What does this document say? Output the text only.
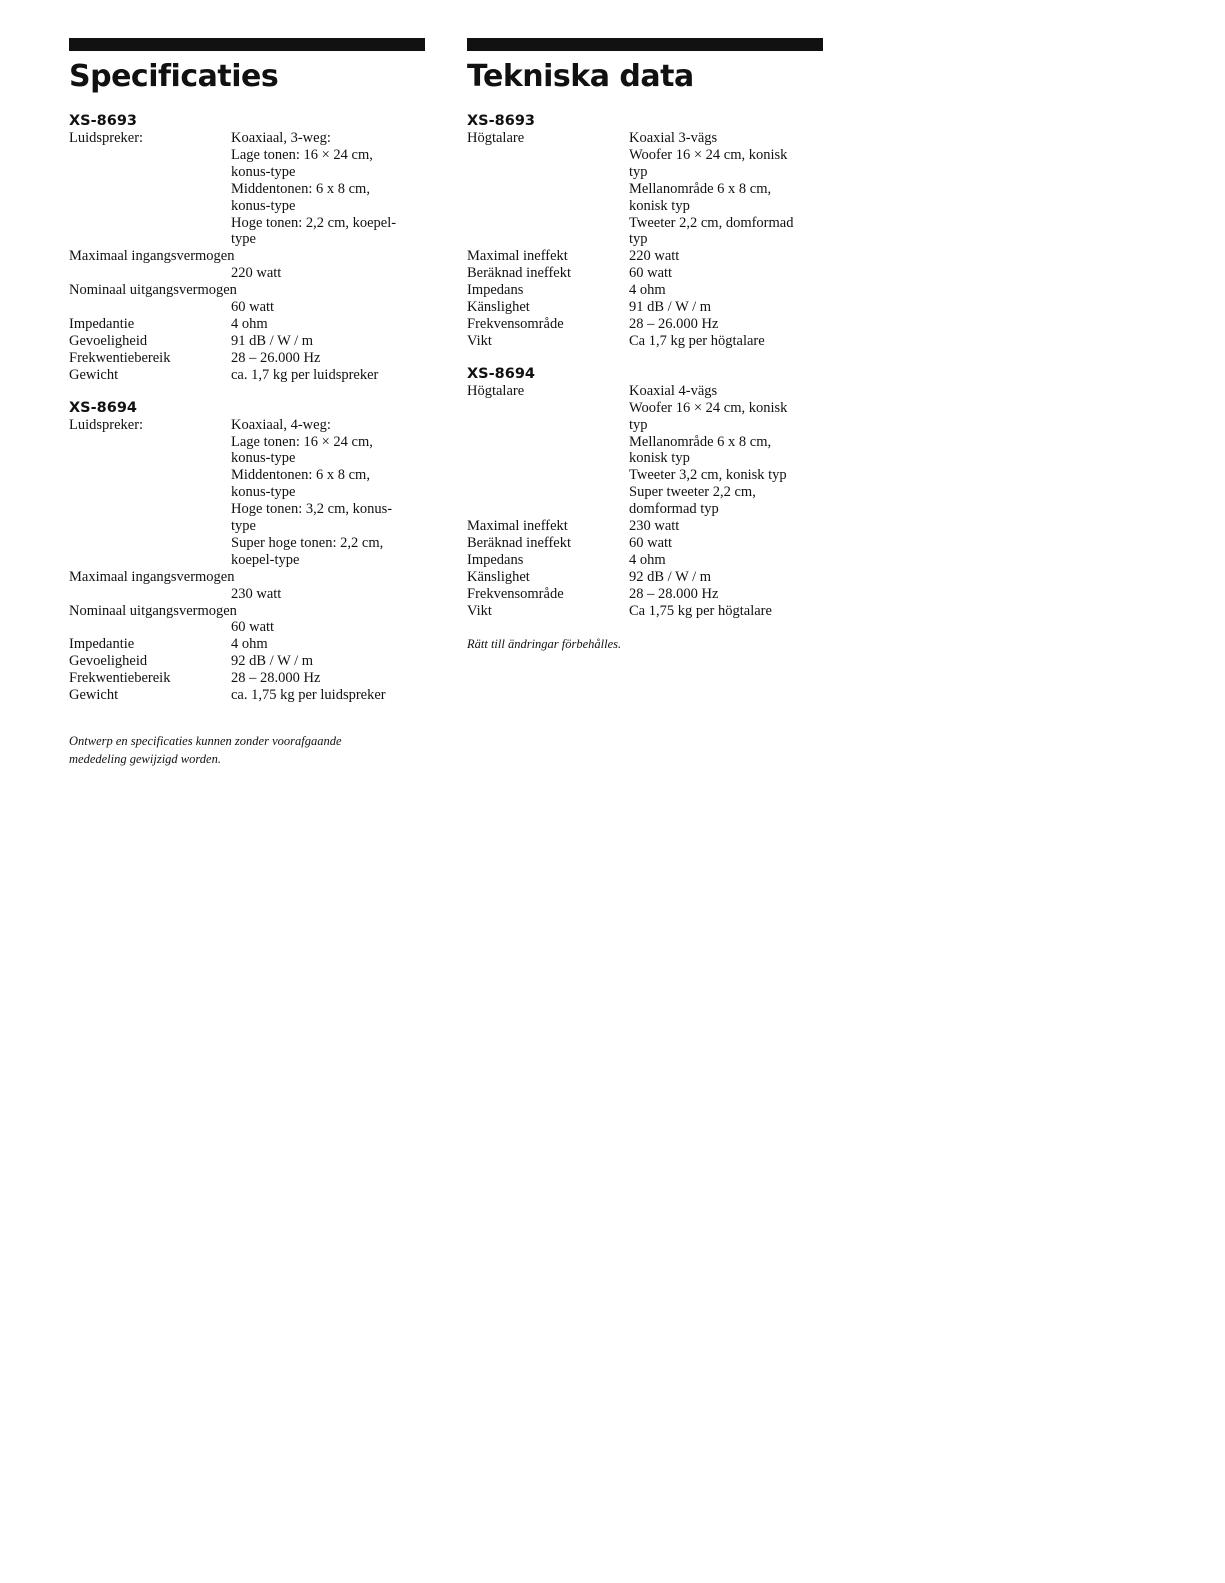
Specificaties
XS-8693
Luidspreker:	Koaxiaal, 3-weg:
Lage tonen: 16 × 24 cm,
konus-type
Middentonen: 6 x 8 cm,
konus-type
Hoge tonen: 2,2 cm, koepel-
type
Maximaal ingangsvermogen
220 watt
Nominaal uitgangsvermogen
60 watt
Impedantie	4 ohm
Gevoeligheid	91 dB / W / m
Frekwentiebereik	28 – 26.000 Hz
Gewicht	ca. 1,7 kg per luidspreker
XS-8694
Luidspreker:	Koaxiaal, 4-weg:
Lage tonen: 16 × 24 cm,
konus-type
Middentonen: 6 x 8 cm,
konus-type
Hoge tonen: 3,2 cm, konus-
type
Super hoge tonen: 2,2 cm,
koepel-type
Maximaal ingangsvermogen
230 watt
Nominaal uitgangsvermogen
60 watt
Impedantie	4 ohm
Gevoeligheid	92 dB / W / m
Frekwentiebereik	28 – 28.000 Hz
Gewicht	ca. 1,75 kg per luidspreker
Ontwerp en specificaties kunnen zonder voorafgaande
mededeling gewijzigd worden.
Tekniska data
XS-8693
Högtalare	Koaxial 3-vägs
Woofer 16 × 24 cm, konisk
typ
Mellanområde 6 x 8 cm,
konisk typ
Tweeter 2,2 cm, domformad
typ
Maximal ineffekt	220 watt
Beräknad ineffekt	60 watt
Impedans	4 ohm
Känslighet	91 dB / W / m
Frekvensområde	28 – 26.000 Hz
Vikt	Ca 1,7 kg per högtalare
XS-8694
Högtalare	Koaxial 4-vägs
Woofer 16 × 24 cm, konisk
typ
Mellanområde 6 x 8 cm,
konisk typ
Tweeter 3,2 cm, konisk typ
Super tweeter 2,2 cm,
domformad typ
Maximal ineffekt	230 watt
Beräknad ineffekt	60 watt
Impedans	4 ohm
Känslighet	92 dB / W / m
Frekvensområde	28 – 28.000 Hz
Vikt	Ca 1,75 kg per högtalare
Rätt till ändringar förbehålles.
